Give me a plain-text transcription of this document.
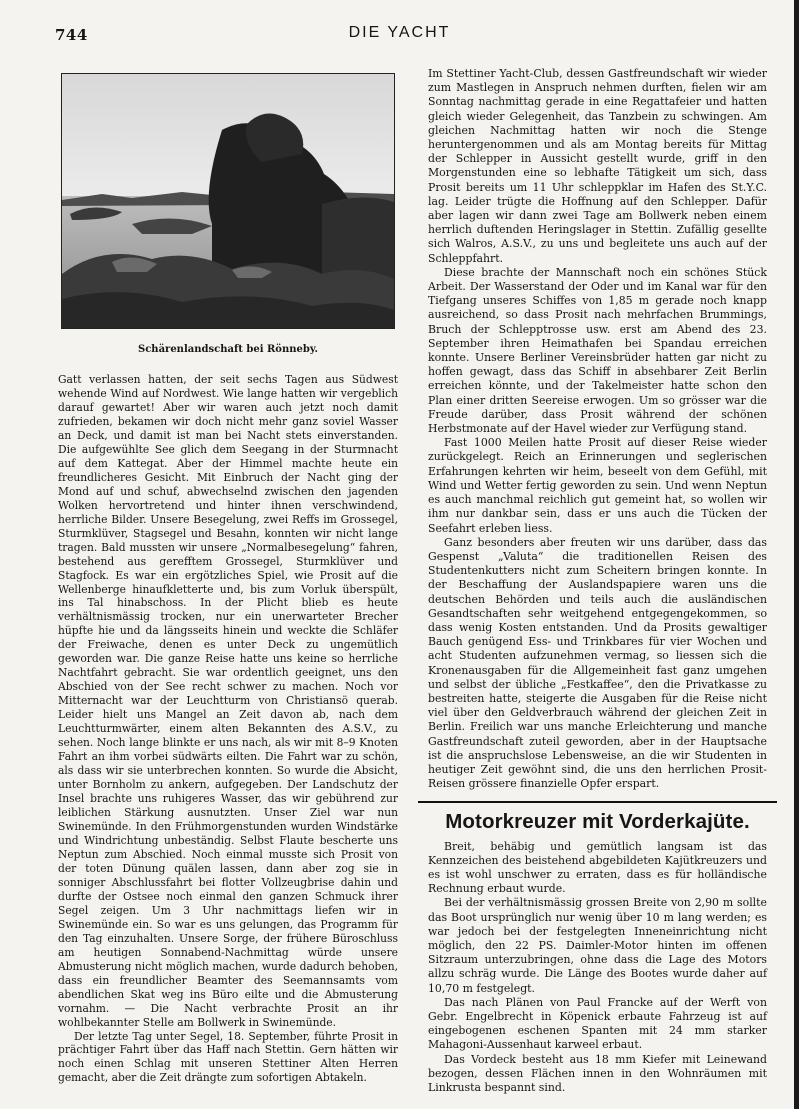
744	DIE YACHT
Schärenlandschaft bei Rönneby.

Gatt verlassen hatten, der seit sechs Tagen aus Südwest wehende Wind auf Nordwest. Wie lange hatten wir vergeblich darauf gewartet! Aber wir waren auch jetzt noch damit zufrieden, bekamen wir doch nicht mehr ganz soviel Wasser an Deck, und damit ist man bei Nacht stets einverstanden. Die aufgewühlte See glich dem Seegang in der Sturmnacht auf dem Kattegat. Aber der Himmel machte heute ein freundlicheres Gesicht. Mit Einbruch der Nacht ging der Mond auf und schuf, abwechselnd zwischen den jagenden Wolken hervortretend und hinter ihnen verschwindend, herrliche Bilder. Unsere Besegelung, zwei Reffs im Grossegel, Sturmklüver, Stagsegel und Besahn, konnten wir nicht lange tragen. Bald mussten wir unsere „Normalbesegelung“ fahren, bestehend aus gerefftem Grossegel, Sturmklüver und Stagfock. Es war ein ergötzliches Spiel, wie Prosit auf die Wellenberge hinaufkletterte und, bis zum Vorluk überspült, ins Tal hinabschoss. In der Plicht blieb es heute verhältnismässig trocken, nur ein unerwarteter Brecher hüpfte hie und da längsseits hinein und weckte die Schläfer der Freiwache, denen es unter Deck zu ungemütlich geworden war. Die ganze Reise hatte uns keine so herrliche Nachtfahrt gebracht. Sie war ordentlich geeignet, uns den Abschied von der See recht schwer zu machen. Noch vor Mitternacht war der Leuchtturm von Christiansö querab. Leider hielt uns Mangel an Zeit davon ab, nach dem Leuchtturmwärter, einem alten Bekannten des A.S.V., zu sehen. Noch lange blinkte er uns nach, als wir mit 8–9 Knoten Fahrt an ihm vorbei südwärts eilten. Die Fahrt war zu schön, als dass wir sie unterbrechen konnten. So wurde die Absicht, unter Bornholm zu ankern, aufgegeben. Der Landschutz der Insel brachte uns ruhigeres Wasser, das wir gebührend zur leiblichen Stärkung ausnutzten. Unser Ziel war nun Swinemünde. In den Frühmorgenstunden wurden Windstärke und Windrichtung unbeständig. Selbst Flaute bescherte uns Neptun zum Abschied. Noch einmal musste sich Prosit von der toten Dünung quälen lassen, dann aber zog sie in sonniger Abschlussfahrt bei flotter Vollzeugbrise dahin und durfte der Ostsee noch einmal den ganzen Schmuck ihrer Segel zeigen. Um 3 Uhr nachmittags liefen wir in Swinemünde ein. So war es uns gelungen, das Programm für den Tag einzuhalten. Unsere Sorge, der frühere Büroschluss am heutigen Sonnabend-Nachmittag würde unsere Abmusterung nicht möglich machen, wurde dadurch behoben, dass ein freundlicher Beamter des Seemannsamts vom abendlichen Skat weg ins Büro eilte und die Abmusterung vornahm. — Die Nacht verbrachte Prosit an ihr wohlbekannter Stelle am Bollwerk in Swinemünde.

Der letzte Tag unter Segel, 18. September, führte Prosit in prächtiger Fahrt über das Haff nach Stettin. Gern hätten wir noch einen Schlag mit unseren Stettiner Alten Herren gemacht, aber die Zeit drängte zum sofortigen Abtakeln.

Im Stettiner Yacht-Club, dessen Gastfreundschaft wir wieder zum Mastlegen in Anspruch nehmen durften, fielen wir am Sonntag nachmittag gerade in eine Regattafeier und hatten gleich wieder Gelegenheit, das Tanzbein zu schwingen. Am gleichen Nachmittag hatten wir noch die Stenge heruntergenommen und als am Montag bereits für Mittag der Schlepper in Aussicht gestellt wurde, griff in den Morgenstunden eine so lebhafte Tätigkeit um sich, dass Prosit bereits um 11 Uhr schleppklar im Hafen des St.Y.C. lag. Leider trügte die Hoffnung auf den Schlepper. Dafür aber lagen wir dann zwei Tage am Bollwerk neben einem herrlich duftenden Heringslager in Stettin. Zufällig gesellte sich Walros, A.S.V., zu uns und begleitete uns auch auf der Schleppfahrt.

Diese brachte der Mannschaft noch ein schönes Stück Arbeit. Der Wasserstand der Oder und im Kanal war für den Tiefgang unseres Schiffes von 1,85 m gerade noch knapp ausreichend, so dass Prosit nach mehrfachen Brummings, Bruch der Schlepptrosse usw. erst am Abend des 23. September ihren Heimathafen bei Spandau erreichen konnte. Unsere Berliner Vereinsbrüder hatten gar nicht zu hoffen gewagt, dass das Schiff in absehbarer Zeit Berlin erreichen könnte, und der Takelmeister hatte schon den Plan einer dritten Seereise erwogen. Um so grösser war die Freude darüber, dass Prosit während der schönen Herbstmonate auf der Havel wieder zur Verfügung stand.

Fast 1000 Meilen hatte Prosit auf dieser Reise wieder zurückgelegt. Reich an Erinnerungen und seglerischen Erfahrungen kehrten wir heim, beseelt von dem Gefühl, mit Wind und Wetter fertig geworden zu sein. Und wenn Neptun es auch manchmal reichlich gut gemeint hat, so wollen wir ihm nur dankbar sein, dass er uns auch die Tücken der Seefahrt erleben liess.

Ganz besonders aber freuten wir uns darüber, dass das Gespenst „Valuta“ die traditionellen Reisen des Studentenkutters nicht zum Scheitern bringen konnte. In der Beschaffung der Auslandspapiere waren uns die deutschen Behörden und teils auch die ausländischen Gesandtschaften sehr weitgehend entgegengekommen, so dass wenig Kosten entstanden. Und da Prosits gewaltiger Bauch genügend Ess- und Trinkbares für vier Wochen und acht Studenten aufzunehmen vermag, so liessen sich die Kronenausgaben für die Allgemeinheit fast ganz umgehen und selbst der übliche „Festkaffee“, den die Privatkasse zu bestreiten hatte, steigerte die Ausgaben für die Reise nicht viel über den Geldverbrauch während der gleichen Zeit in Berlin. Freilich war uns manche Erleichterung und manche Gastfreundschaft zuteil geworden, aber in der Hauptsache ist die anspruchslose Lebensweise, an die wir Studenten in heutiger Zeit gewöhnt sind, die uns den herrlichen Prosit-Reisen grössere finanzielle Opfer erspart.

Motorkreuzer mit Vorderkajüte.

Breit, behäbig und gemütlich langsam ist das Kennzeichen des beistehend abgebildeten Kajütkreuzers und es ist wohl unschwer zu erraten, dass es für holländische Rechnung erbaut wurde.

Bei der verhältnismässig grossen Breite von 2,90 m sollte das Boot ursprünglich nur wenig über 10 m lang werden; es war jedoch bei der festgelegten Inneneinrichtung nicht möglich, den 22 PS. Daimler-Motor hinten im offenen Sitzraum unterzubringen, ohne dass die Lage des Motors allzu schräg wurde. Die Länge des Bootes wurde daher auf 10,70 m festgelegt.

Das nach Plänen von Paul Francke auf der Werft von Gebr. Engelbrecht in Köpenick erbaute Fahrzeug ist auf eingebogenen eschenen Spanten mit 24 mm starker Mahagoni-Aussenhaut karweel erbaut.

Das Vordeck besteht aus 18 mm Kiefer mit Leinewand bezogen, dessen Flächen innen in den Wohnräumen mit Linkrusta bespannt sind.
